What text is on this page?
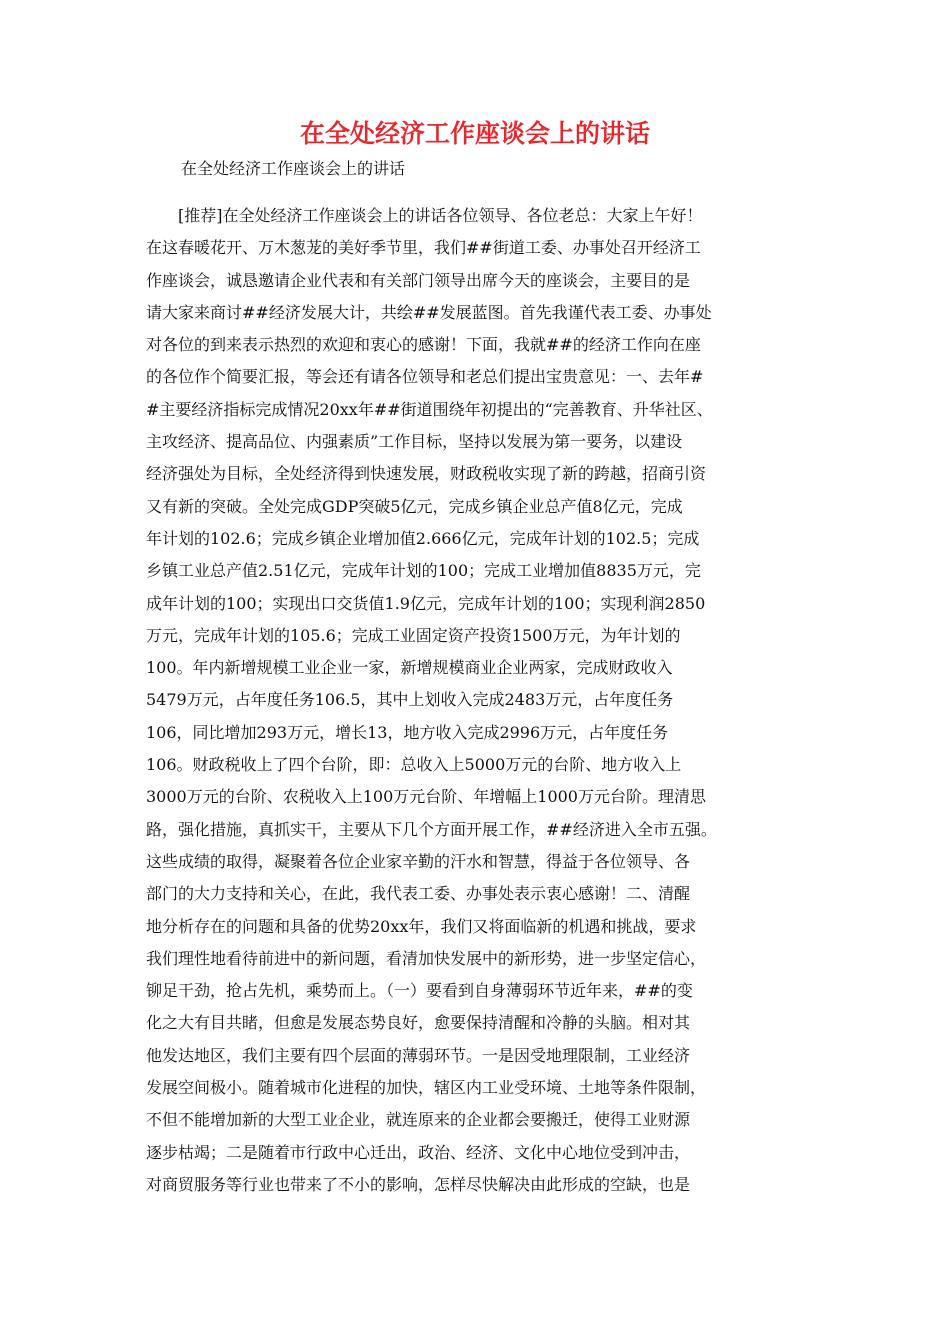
在全处经济工作座谈会上的讲话

在全处经济工作座谈会上的讲话

[推荐]在全处经济工作座谈会上的讲话各位领导、各位老总：大家上午好！
在这春暖花开、万木葱茏的美好季节里，我们##街道工委、办事处召开经济工
作座谈会，诚恳邀请企业代表和有关部门领导出席今天的座谈会，主要目的是
请大家来商讨##经济发展大计，共绘##发展蓝图。首先我谨代表工委、办事处
对各位的到来表示热烈的欢迎和衷心的感谢！下面，我就##的经济工作向在座
的各位作个简要汇报，等会还有请各位领导和老总们提出宝贵意见：一、去年#
#主要经济指标完成情况20xx年##街道围绕年初提出的“完善教育、升华社区、
主攻经济、提高品位、内强素质”工作目标，坚持以发展为第一要务，以建设
经济强处为目标，全处经济得到快速发展，财政税收实现了新的跨越，招商引资
又有新的突破。全处完成GDP突破5亿元，完成乡镇企业总产值8亿元，完成
年计划的102.6；完成乡镇企业增加值2.666亿元，完成年计划的102.5；完成
乡镇工业总产值2.51亿元，完成年计划的100；完成工业增加值8835万元，完
成年计划的100；实现出口交货值1.9亿元，完成年计划的100；实现利润2850
万元，完成年计划的105.6；完成工业固定资产投资1500万元，为年计划的
100。年内新增规模工业企业一家，新增规模商业企业两家，完成财政收入
5479万元，占年度任务106.5，其中上划收入完成2483万元，占年度任务
106，同比增加293万元，增长13，地方收入完成2996万元，占年度任务
106。财政税收上了四个台阶，即：总收入上5000万元的台阶、地方收入上
3000万元的台阶、农税收入上100万元台阶、年增幅上1000万元台阶。理清思
路，强化措施，真抓实干，主要从下几个方面开展工作，##经济进入全市五强。
这些成绩的取得，凝聚着各位企业家辛勤的汗水和智慧，得益于各位领导、各
部门的大力支持和关心，在此，我代表工委、办事处表示衷心感谢！二、清醒
地分析存在的问题和具备的优势20xx年，我们又将面临新的机遇和挑战，要求
我们理性地看待前进中的新问题，看清加快发展中的新形势，进一步坚定信心，
铆足干劲，抢占先机，乘势而上。（一）要看到自身薄弱环节近年来，##的变
化之大有目共睹，但愈是发展态势良好，愈要保持清醒和冷静的头脑。相对其
他发达地区，我们主要有四个层面的薄弱环节。一是因受地理限制，工业经济
发展空间极小。随着城市化进程的加快，辖区内工业受环境、土地等条件限制，
不但不能增加新的大型工业企业，就连原来的企业都会要搬迁，使得工业财源
逐步枯竭；二是随着市行政中心迁出，政治、经济、文化中心地位受到冲击，
对商贸服务等行业也带来了不小的影响，怎样尽快解决由此形成的空缺，也是
